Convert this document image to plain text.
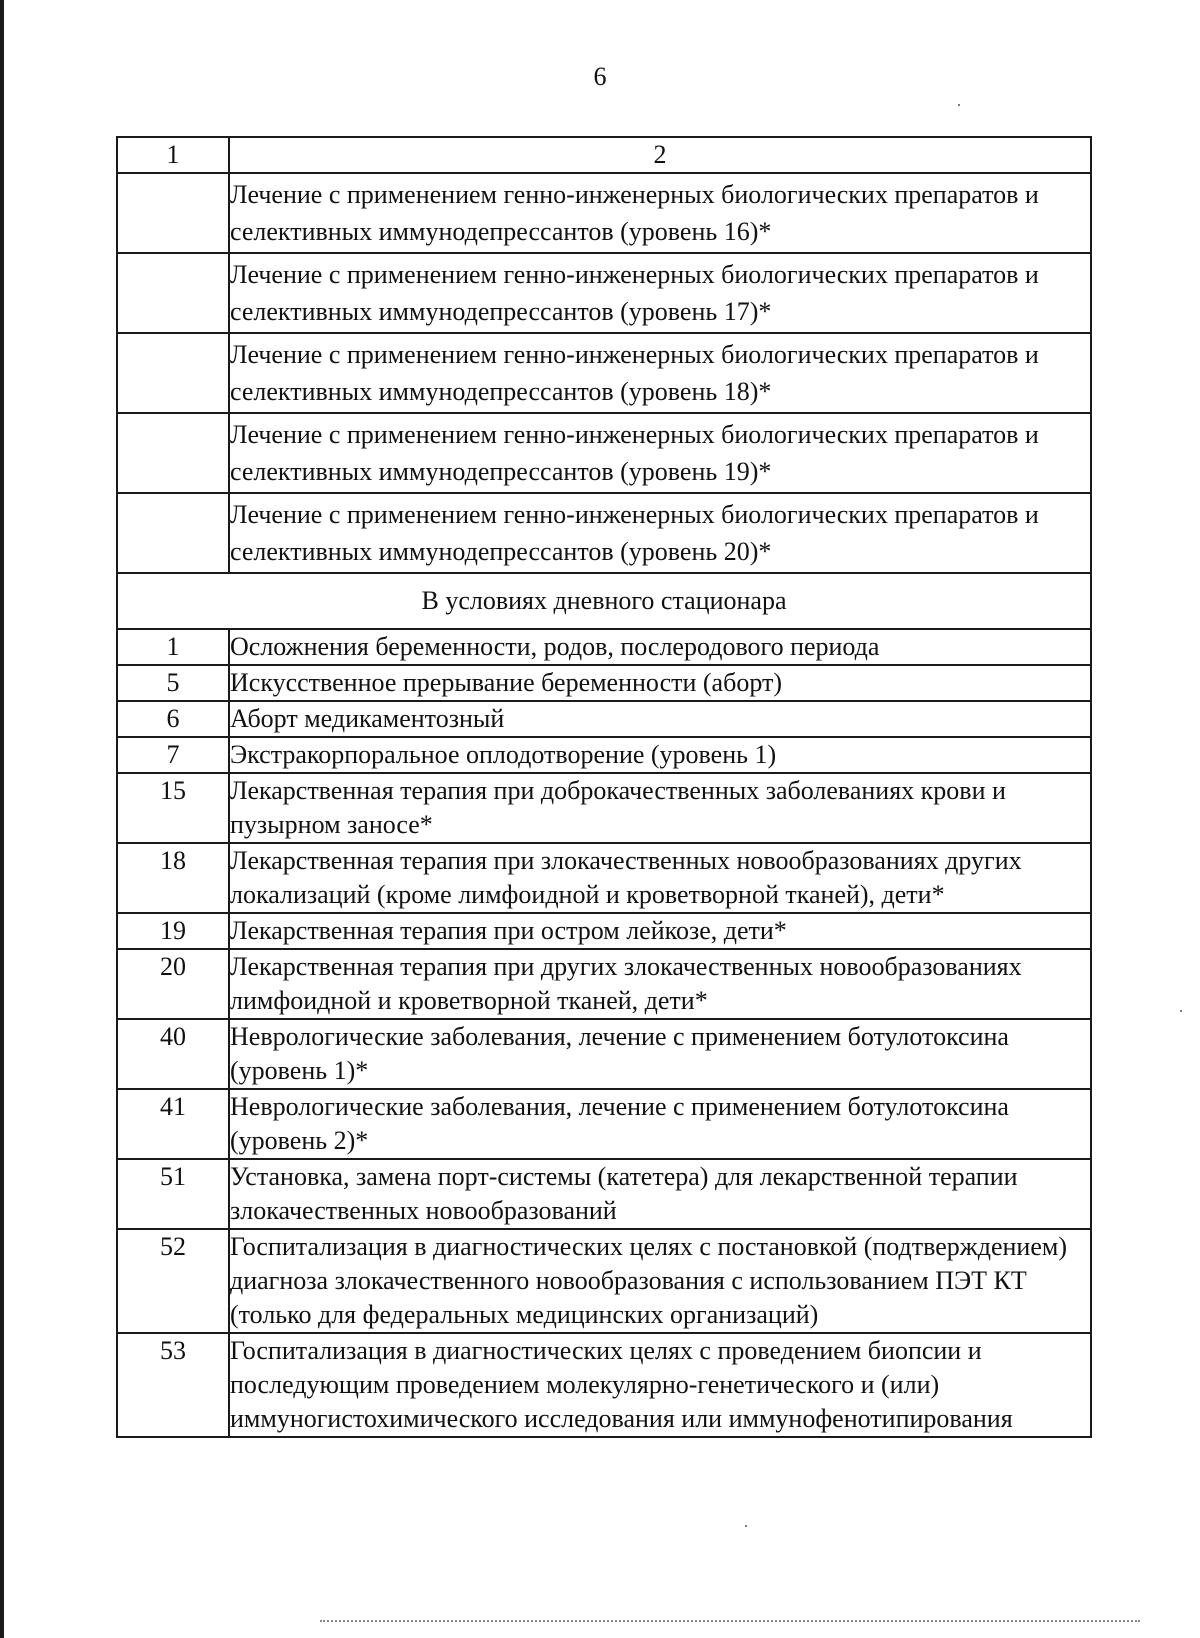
6
1	2
	Лечение с применением генно-инженерных биологических препаратов и селективных иммунодепрессантов (уровень 16)*
	Лечение с применением генно-инженерных биологических препаратов и селективных иммунодепрессантов (уровень 17)*
	Лечение с применением генно-инженерных биологических препаратов и селективных иммунодепрессантов (уровень 18)*
	Лечение с применением генно-инженерных биологических препаратов и селективных иммунодепрессантов (уровень 19)*
	Лечение с применением генно-инженерных биологических препаратов и селективных иммунодепрессантов (уровень 20)*
В условиях дневного стационара	
1	Осложнения беременности, родов, послеродового периода
5	Искусственное прерывание беременности (аборт)
6	Аборт медикаментозный
7	Экстракорпоральное оплодотворение (уровень 1)
15	Лекарственная терапия при доброкачественных заболеваниях крови и пузырном заносе*
18	Лекарственная терапия при злокачественных новообразованиях других локализаций (кроме лимфоидной и кроветворной тканей), дети*
19	Лекарственная терапия при остром лейкозе, дети*
20	Лекарственная терапия при других злокачественных новообразованиях лимфоидной и кроветворной тканей, дети*
40	Неврологические заболевания, лечение с применением ботулотоксина (уровень 1)*
41	Неврологические заболевания, лечение с применением ботулотоксина (уровень 2)*
51	Установка, замена порт-системы (катетера) для лекарственной терапии злокачественных новообразований
52	Госпитализация в диагностических целях с постановкой (подтверждением) диагноза злокачественного новообразования с использованием ПЭТ КТ (только для федеральных медицинских организаций)
53	Госпитализация в диагностических целях с проведением биопсии и последующим проведением молекулярно-генетического и (или) иммуногистохимического исследования или иммунофенотипирования
